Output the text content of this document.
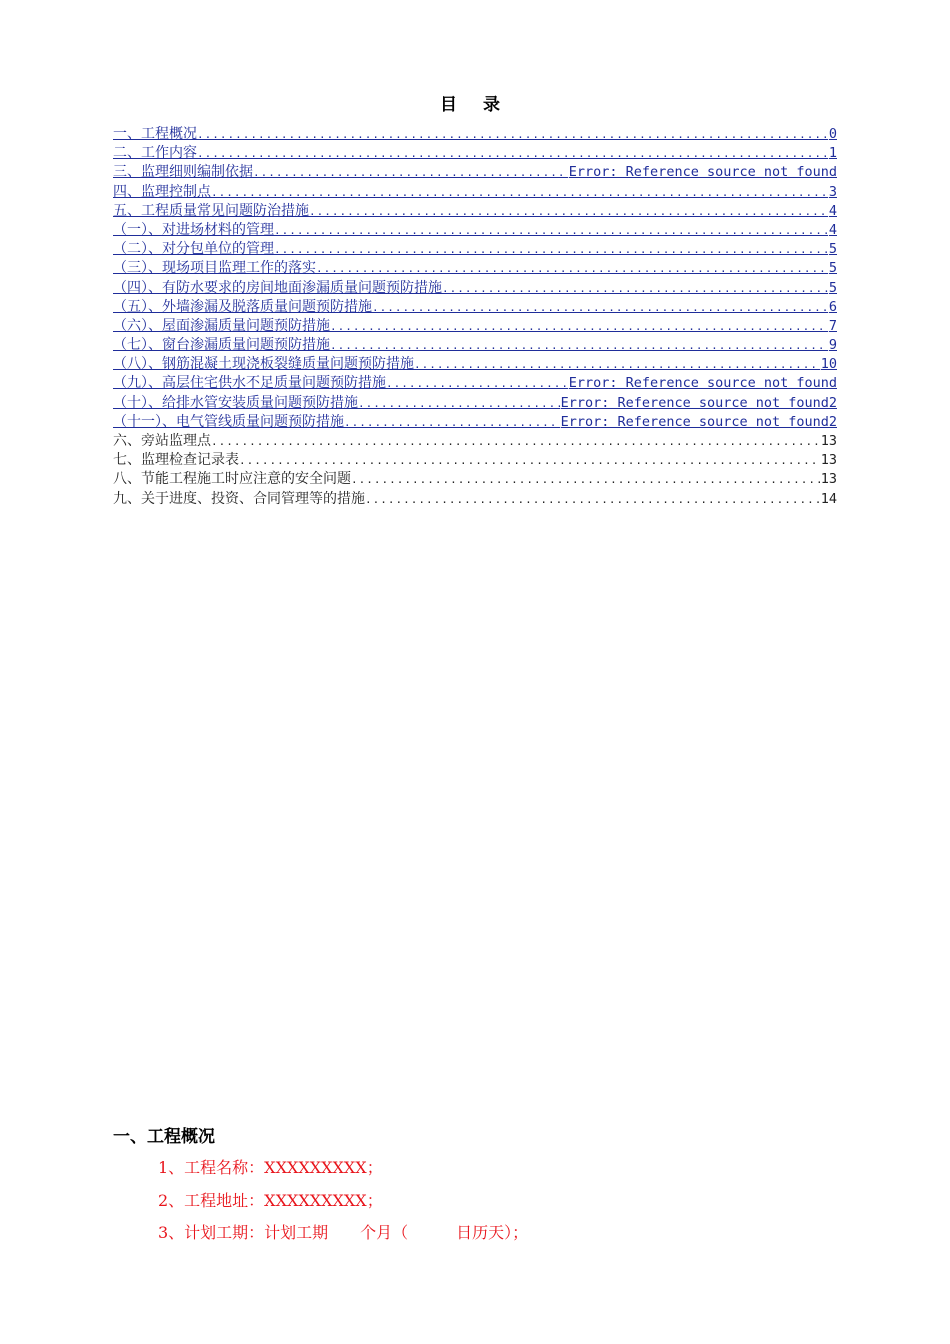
目 录
一、工程概况 .....	0
二、工作内容 .....	1
三、监理细则编制依据 .....	Error: Reference source not found
四、监理控制点 .....	3
五、工程质量常见问题防治措施 .....	4
（一）、对进场材料的管理 .....	4
（二）、对分包单位的管理 .....	5
（三）、现场项目监理工作的落实 .....	5
（四）、有防水要求的房间地面渗漏质量问题预防措施 .....	5
（五）、外墙渗漏及脱落质量问题预防措施 .....	6
（六）、屋面渗漏质量问题预防措施 .....	7
（七）、窗台渗漏质量问题预防措施 .....	9
（八）、钢筋混凝土现浇板裂缝质量问题预防措施 .....	10
（九）、高层住宅供水不足质量问题预防措施 .....	Error: Reference source not found
（十）、给排水管安装质量问题预防措施 .....	Error: Reference source not found2
（十一）、电气管线质量问题预防措施 .....	Error: Reference source not found2
六、旁站监理点 .....	13
七、监理检查记录表 .....	13
八、节能工程施工时应注意的安全问题 .....	13
九、关于进度、投资、合同管理等的措施 .....	14
一、工程概况
1、工程名称：XXXXXXXXX；
2、工程地址：XXXXXXXXX；
3、计划工期：计划工期　　个月（　　　日历天）；
